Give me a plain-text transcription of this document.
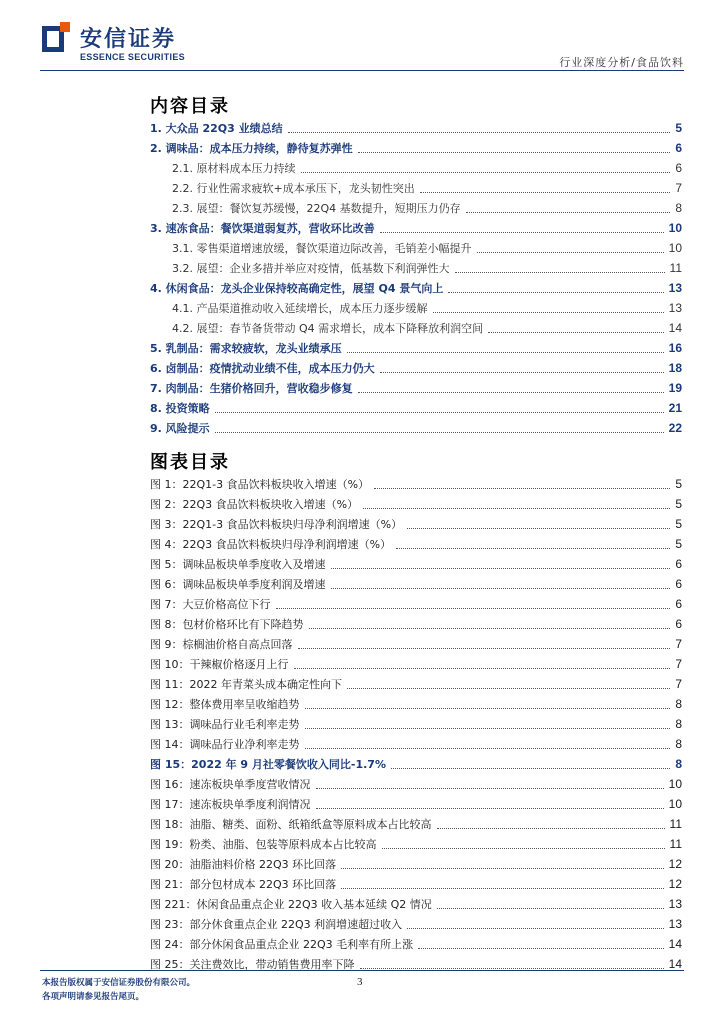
安信证券
ESSENCE SECURITIES	行业深度分析/食品饮料
内容目录
1. 大众品 22Q3 业绩总结	5
2. 调味品：成本压力持续，静待复苏弹性	6
2.1. 原材料成本压力持续	6
2.2. 行业性需求疲软+成本承压下，龙头韧性突出	7
2.3. 展望：餐饮复苏缓慢，22Q4 基数提升，短期压力仍存	8
3. 速冻食品：餐饮渠道弱复苏，营收环比改善	10
3.1. 零售渠道增速放缓，餐饮渠道边际改善，毛销差小幅提升	10
3.2. 展望：企业多措并举应对疫情，低基数下利润弹性大	11
4. 休闲食品：龙头企业保持较高确定性，展望 Q4 景气向上	13
4.1. 产品渠道推动收入延续增长，成本压力逐步缓解	13
4.2. 展望：春节备货带动 Q4 需求增长，成本下降释放利润空间	14
5. 乳制品：需求较疲软，龙头业绩承压	16
6. 卤制品：疫情扰动业绩不佳，成本压力仍大	18
7. 肉制品：生猪价格回升，营收稳步修复	19
8. 投资策略	21
9. 风险提示	22
图表目录
图 1：22Q1-3 食品饮料板块收入增速（%）	5
图 2：22Q3 食品饮料板块收入增速（%）	5
图 3：22Q1-3 食品饮料板块归母净利润增速（%）	5
图 4：22Q3 食品饮料板块归母净利润增速（%）	5
图 5：调味品板块单季度收入及增速	6
图 6：调味品板块单季度利润及增速	6
图 7：大豆价格高位下行	6
图 8：包材价格环比有下降趋势	6
图 9：棕榈油价格自高点回落	7
图 10：干辣椒价格逐月上行	7
图 11：2022 年青菜头成本确定性向下	7
图 12：整体费用率呈收缩趋势	8
图 13：调味品行业毛利率走势	8
图 14：调味品行业净利率走势	8
图 15：2022 年 9 月社零餐饮收入同比-1.7%	8
图 16：速冻板块单季度营收情况	10
图 17：速冻板块单季度利润情况	10
图 18：油脂、糖类、面粉、纸箱纸盒等原料成本占比较高	11
图 19：粉类、油脂、包装等原料成本占比较高	11
图 20：油脂油料价格 22Q3 环比回落	12
图 21：部分包材成本 22Q3 环比回落	12
图 221：休闲食品重点企业 22Q3 收入基本延续 Q2 情况	13
图 23：部分休食重点企业 22Q3 利润增速超过收入	13
图 24：部分休闲食品重点企业 22Q3 毛利率有所上涨	14
图 25：关注费效比，带动销售费用率下降	14
本报告版权属于安信证券股份有限公司。
各项声明请参见报告尾页。
3
